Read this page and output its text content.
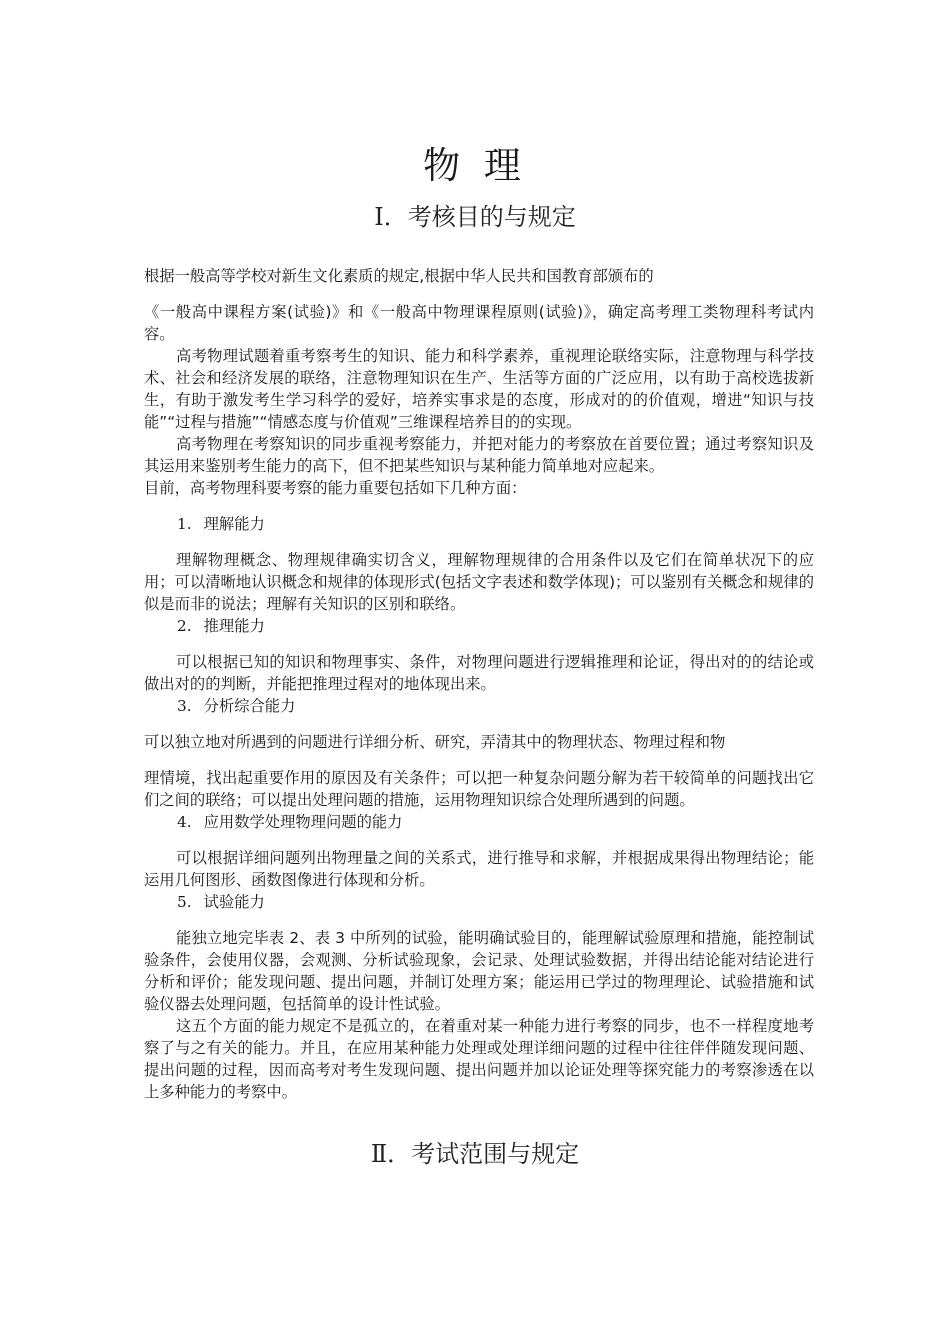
物 理
Ⅰ．考核目的与规定

根据一般高等学校对新生文化素质的规定,根据中华人民共和国教育部颁布的

《一般高中课程方案(试验)》和《一般高中物理课程原则(试验)》，确定高考理工类物理科考试内容。

高考物理试题着重考察考生的知识、能力和科学素养，重视理论联络实际，注意物理与科学技术、社会和经济发展的联络，注意物理知识在生产、生活等方面的广泛应用，以有助于高校选拔新生，有助于激发考生学习科学的爱好，培养实事求是的态度，形成对的的价值观，增进“知识与技能”“过程与措施”“情感态度与价值观”三维课程培养目的的实现。

高考物理在考察知识的同步重视考察能力，并把对能力的考察放在首要位置；通过考察知识及其运用来鉴别考生能力的高下，但不把某些知识与某种能力简单地对应起来。

目前，高考物理科要考察的能力重要包括如下几种方面：

1. 理解能力

理解物理概念、物理规律确实切含义，理解物理规律的合用条件以及它们在简单状况下的应用；可以清晰地认识概念和规律的体现形式(包括文字表述和数学体现)；可以鉴别有关概念和规律的似是而非的说法；理解有关知识的区别和联络。

2. 推理能力

可以根据已知的知识和物理事实、条件，对物理问题进行逻辑推理和论证，得出对的的结论或做出对的的判断，并能把推理过程对的地体现出来。

3. 分析综合能力

可以独立地对所遇到的问题进行详细分析、研究，弄清其中的物理状态、物理过程和物

理情境，找出起重要作用的原因及有关条件；可以把一种复杂问题分解为若干较简单的问题找出它们之间的联络；可以提出处理问题的措施，运用物理知识综合处理所遇到的问题。

4. 应用数学处理物理问题的能力

可以根据详细问题列出物理量之间的关系式，进行推导和求解，并根据成果得出物理结论；能运用几何图形、函数图像进行体现和分析。

5. 试验能力

能独立地完毕表 2、表 3 中所列的试验，能明确试验目的，能理解试验原理和措施，能控制试验条件，会使用仪器，会观测、分析试验现象，会记录、处理试验数据，并得出结论能对结论进行分析和评价；能发现问题、提出问题，并制订处理方案；能运用已学过的物理理论、试验措施和试验仪器去处理问题，包括简单的设计性试验。

这五个方面的能力规定不是孤立的，在着重对某一种能力进行考察的同步，也不一样程度地考察了与之有关的能力。并且，在应用某种能力处理或处理详细问题的过程中往往伴伴随发现问题、提出问题的过程，因而高考对考生发现问题、提出问题并加以论证处理等探究能力的考察渗透在以上多种能力的考察中。

Ⅱ．考试范围与规定
